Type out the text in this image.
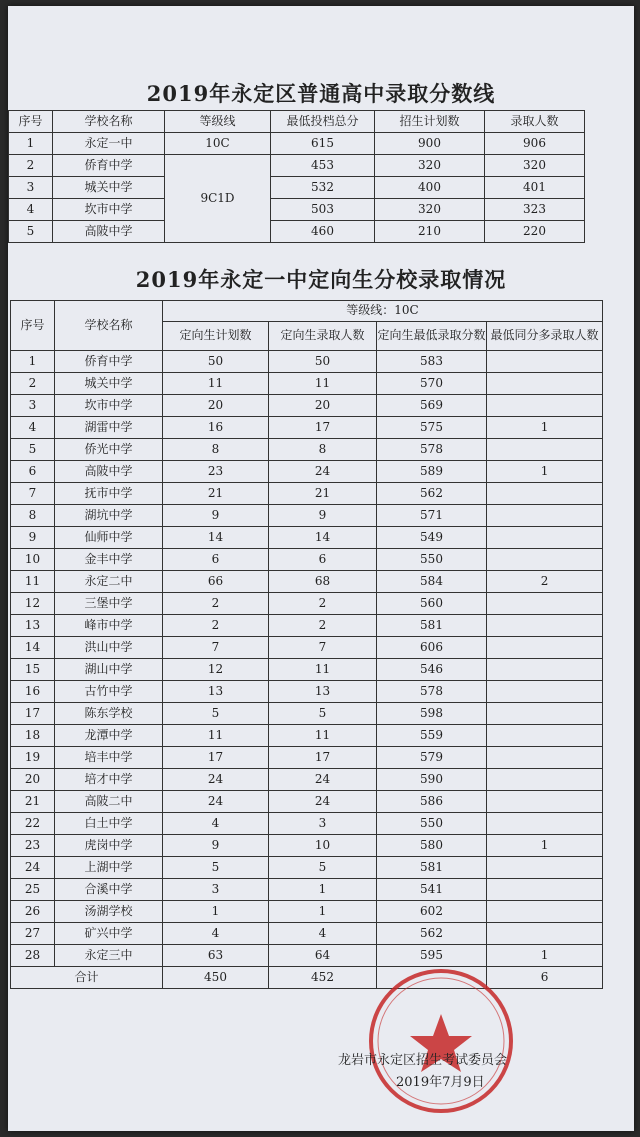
2019年永定区普通高中录取分数线
序号	学校名称	等级线	最低投档总分	招生计划数	录取人数
1	永定一中	10C	615	900	906
2	侨育中学	9C1D	453	320	320
3	城关中学		532	400	401
4	坎市中学		503	320	323
5	高陂中学		460	210	220
2019年永定一中定向生分校录取情况
序号	学校名称	等级线：10C			
		定向生计划数	定向生录取人数	定向生最低录取分数	最低同分多录取人数
1	侨育中学	50	50	583	
2	城关中学	11	11	570	
3	坎市中学	20	20	569	
4	湖雷中学	16	17	575	1
5	侨光中学	8	8	578	
6	高陂中学	23	24	589	1
7	抚市中学	21	21	562	
8	湖坑中学	9	9	571	
9	仙师中学	14	14	549	
10	金丰中学	6	6	550	
11	永定二中	66	68	584	2
12	三堡中学	2	2	560	
13	峰市中学	2	2	581	
14	洪山中学	7	7	606	
15	湖山中学	12	11	546	
16	古竹中学	13	13	578	
17	陈东学校	5	5	598	
18	龙潭中学	11	11	559	
19	培丰中学	17	17	579	
20	培才中学	24	24	590	
21	高陂二中	24	24	586	
22	白土中学	4	3	550	
23	虎岗中学	9	10	580	1
24	上湖中学	5	5	581	
25	合溪中学	3	1	541	
26	汤湖学校	1	1	602	
27	矿兴中学	4	4	562	
28	永定三中	63	64	595	1
合计		450	452		6
龙岩市永定区招生考试委员会
2019年7月9日
